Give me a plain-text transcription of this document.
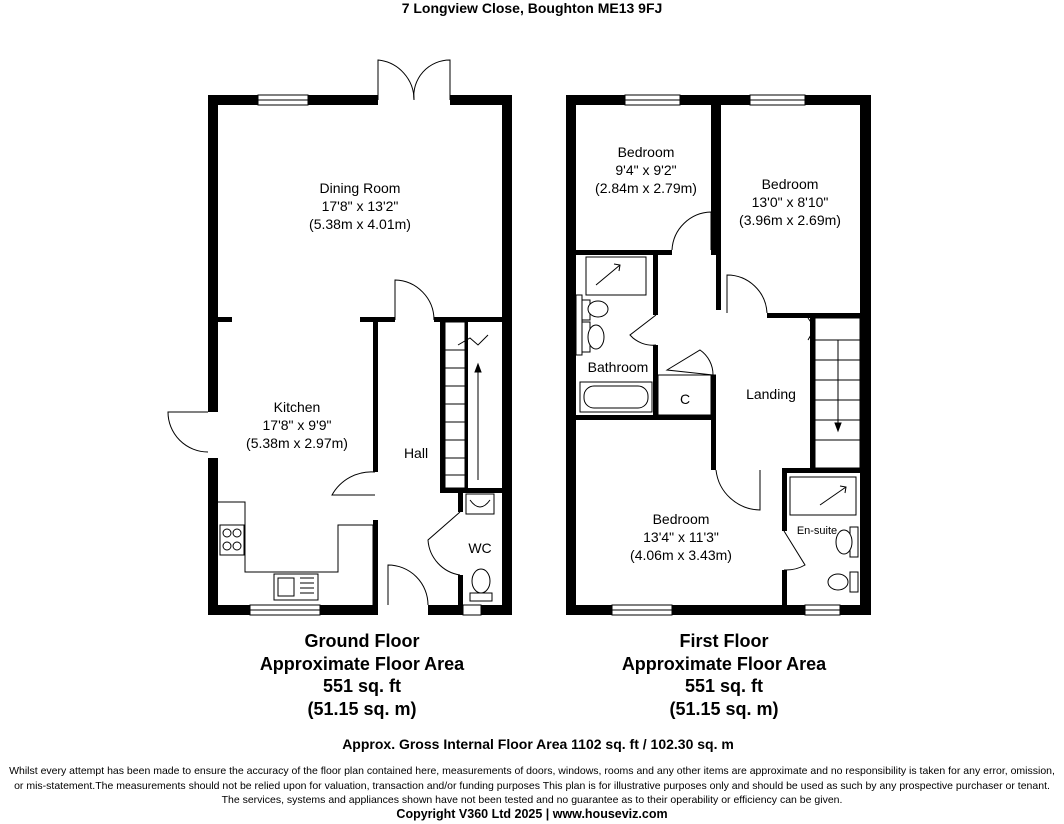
7 Longview Close, Boughton ME13 9FJ
Dining Room
17'8" x 13'2"
(5.38m x 4.01m)
Kitchen
17'8" x 9'9"
(5.38m x 2.97m)
Hall
WC
Bedroom
9'4" x 9'2"
(2.84m x 2.79m)	Bedroom
13'0" x 8'10"
(3.96m x 2.69m)
Bathroom
C	Landing
Bedroom
13'4" x 11'3"
(4.06m x 3.43m)
En-suite
Ground Floor
Approximate Floor Area
551 sq. ft
(51.15 sq. m)
First Floor
Approximate Floor Area
551 sq. ft
(51.15 sq. m)
Approx. Gross Internal Floor Area 1102 sq. ft / 102.30 sq. m
Whilst every attempt has been made to ensure the accuracy of the floor plan contained here, measurements of doors, windows, rooms and any other items are approximate and no responsibility is taken for any error, omission,
or mis-statement.The measurements should not be relied upon for valuation, transaction and/or funding purposes This plan is for illustrative purposes only and should be used as such by any prospective purchaser or tenant.
The services, systems and appliances shown have not been tested and no guarantee as to their operability or efficiency can be given.
Copyright V360 Ltd 2025 | www.houseviz.com
